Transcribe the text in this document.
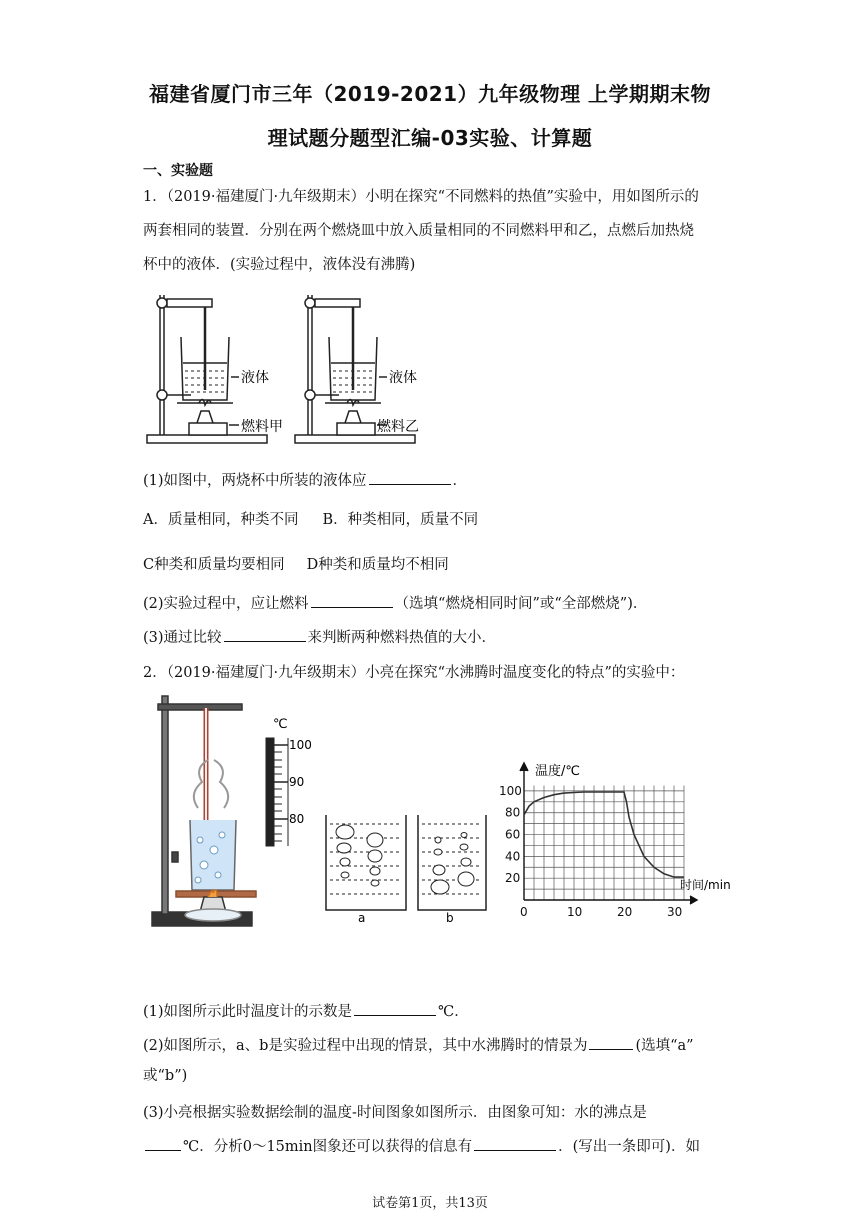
福建省厦门市三年（2019-2021）九年级物理 上学期期末物
理试题分题型汇编-03实验、计算题
一、实验题
1．（2019·福建厦门·九年级期末）小明在探究“不同燃料的热值”实验中，用如图所示的
两套相同的装置．分别在两个燃烧皿中放入质量相同的不同燃料甲和乙，点燃后加热烧
杯中的液体．(实验过程中，液体没有沸腾)
液体
燃料甲
液体
燃料乙
(1)如图中，两烧杯中所装的液体应	．
A．质量相同，种类不同 B．种类相同，质量不同
C种类和质量均要相同 D种类和质量均不相同
(2)实验过程中，应让燃料	（选填“燃烧相同时间”或“全部燃烧”)．
(3)通过比较	来判断两种燃料热值的大小．
2．（2019·福建厦门·九年级期末）小亮在探究“水沸腾时温度变化的特点”的实验中：
℃
100
90
80
a	b	0	10	20	30
20
40
60
80
100
温度/℃
时间/min
(1)如图所示此时温度计的示数是	℃．
(2)如图所示，a、b是实验过程中出现的情景，其中水沸腾时的情景为	(选填“a”
或“b”)
(3)小亮根据实验数据绘制的温度-时间图象如图所示．由图象可知：水的沸点是
℃．分析0～15min图象还可以获得的信息有	．(写出一条即可)．如
试卷第1页，共13页
